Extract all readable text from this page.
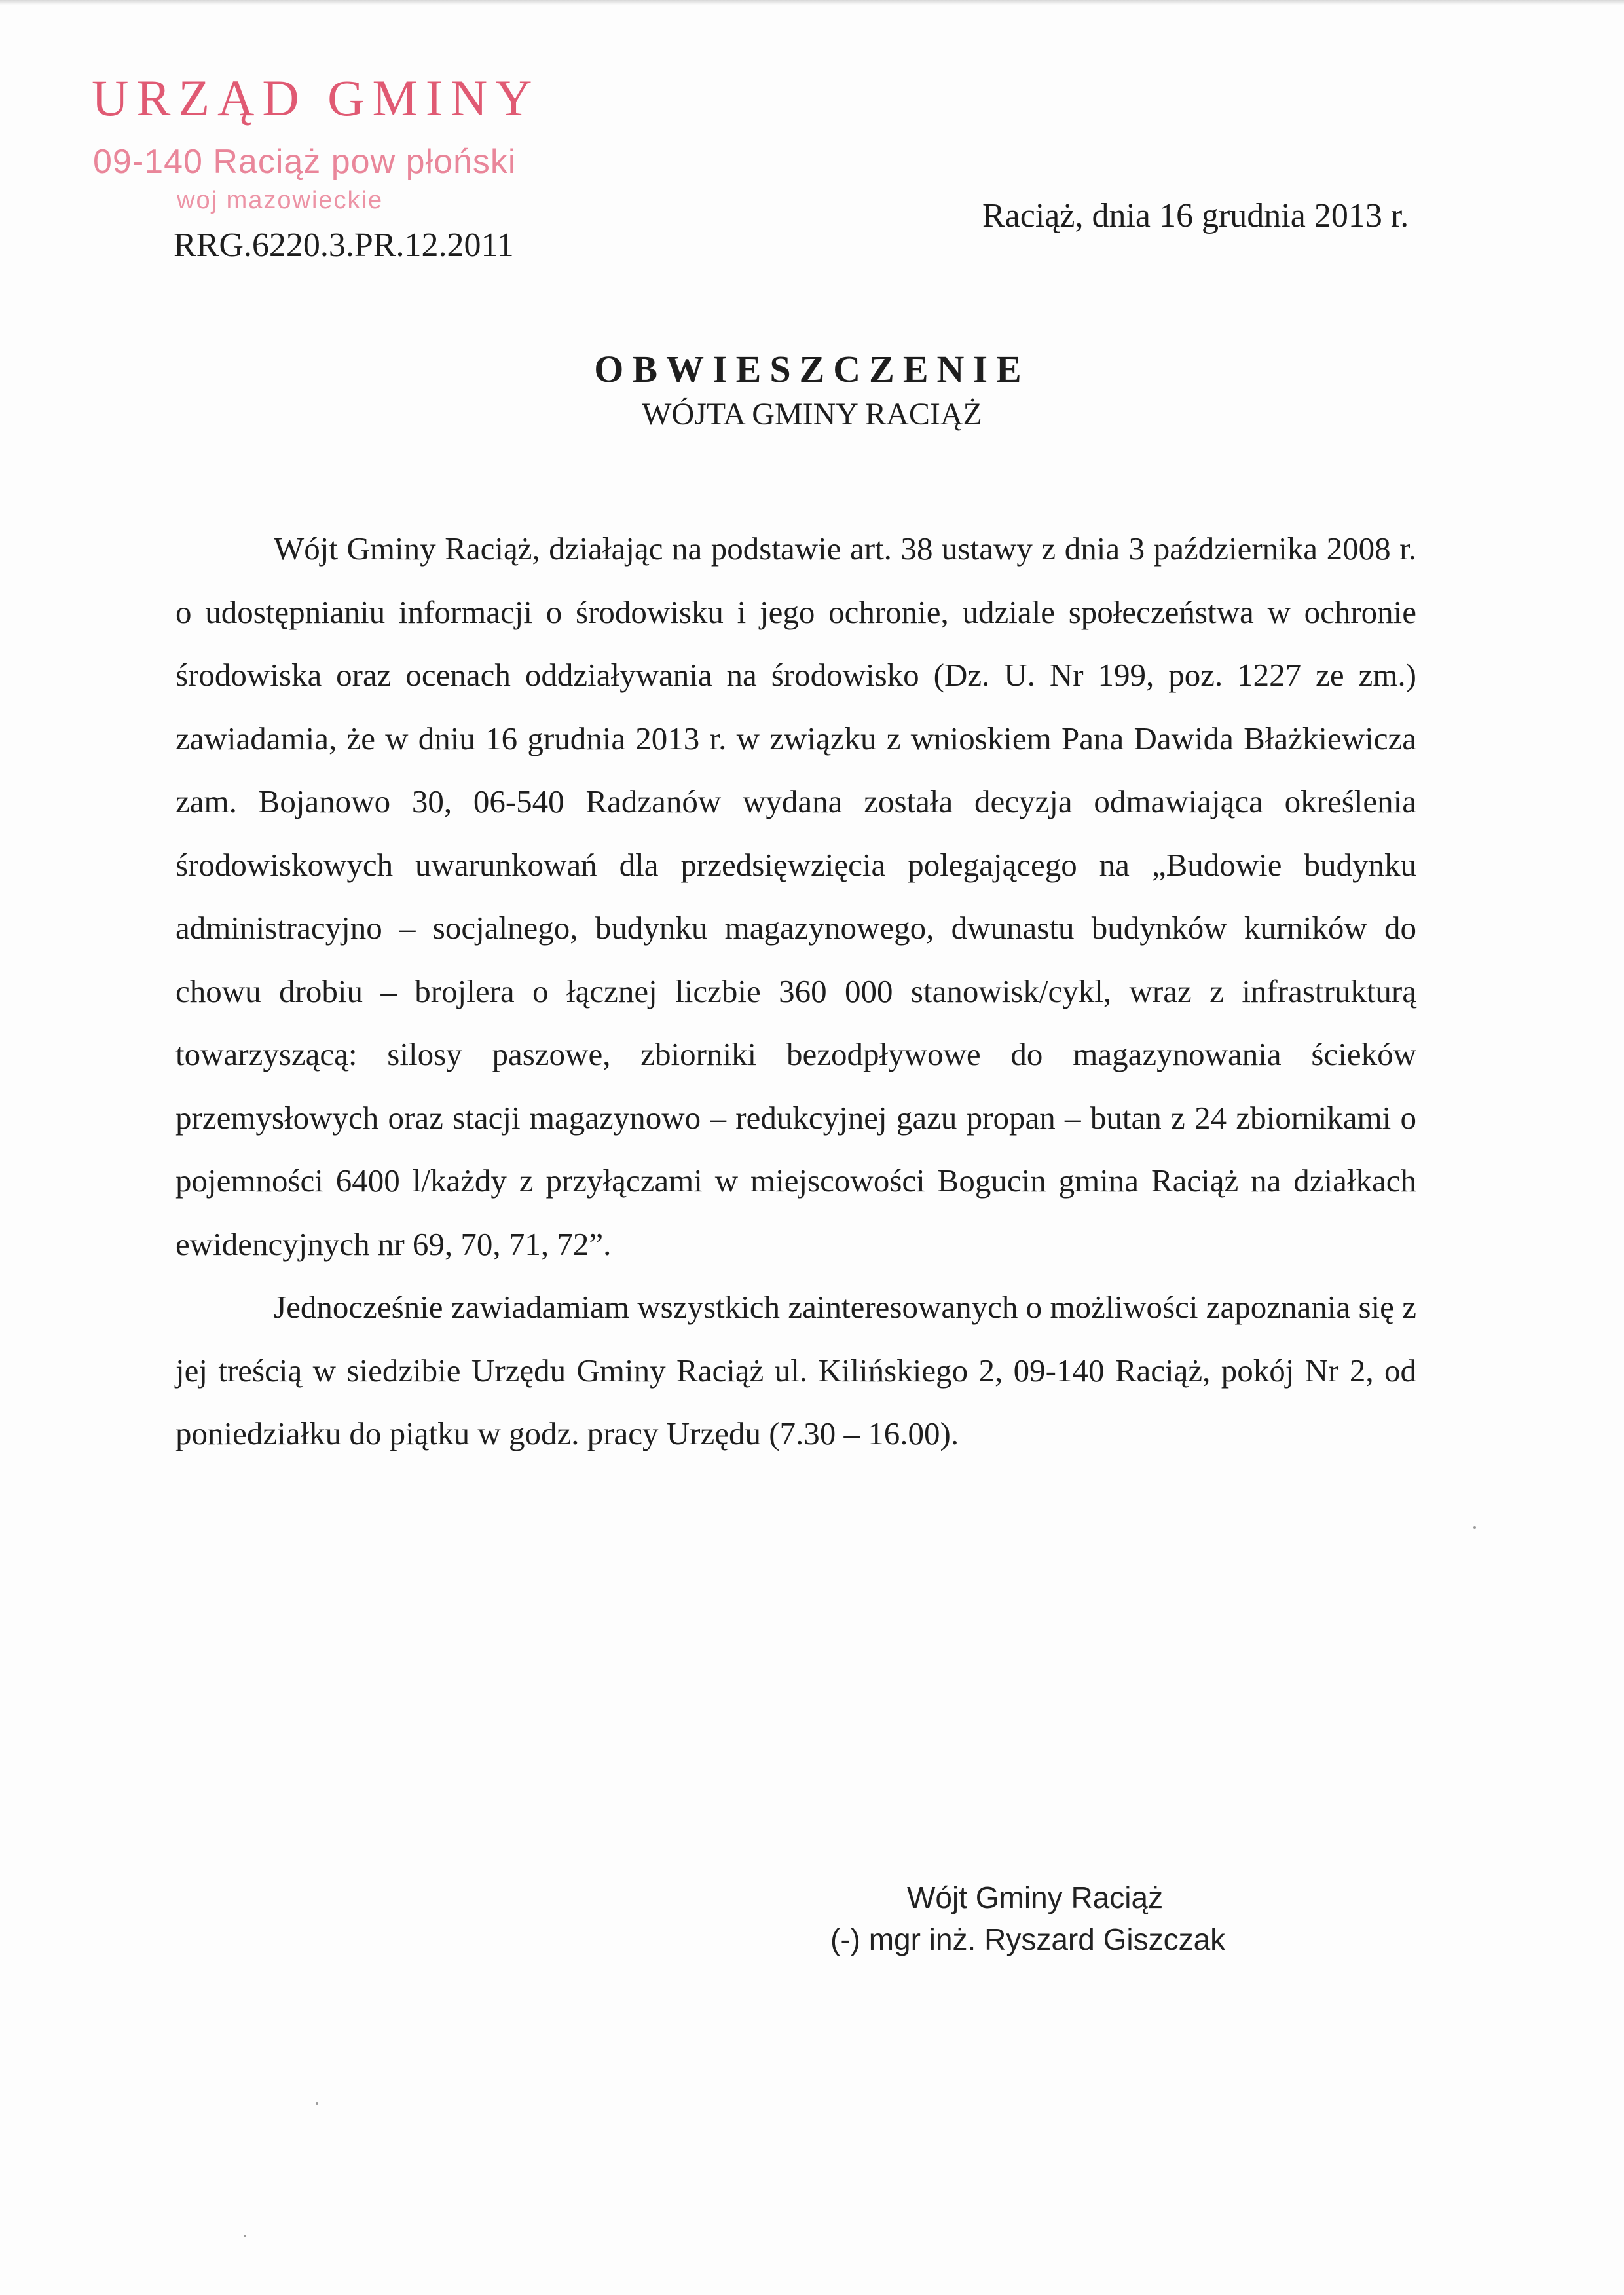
URZĄD GMINY
09-140 Raciąż pow płoński
woj mazowieckie
RRG.6220.3.PR.12.2011
Raciąż, dnia 16 grudnia 2013 r.
OBWIESZCZENIE
WÓJTA GMINY RACIĄŻ

Wójt Gminy Raciąż, działając na podstawie art. 38 ustawy z dnia 3 października 2008 r. o udostępnianiu informacji o środowisku i jego ochronie, udziale społeczeństwa w ochronie środowiska oraz ocenach oddziaływania na środowisko (Dz. U. Nr 199, poz. 1227 ze zm.) zawiadamia, że w dniu 16 grudnia 2013 r. w związku z wnioskiem Pana Dawida Błażkiewicza zam. Bojanowo 30, 06-540 Radzanów wydana została decyzja odmawiająca określenia środowiskowych uwarunkowań dla przedsięwzięcia polegającego na „Budowie budynku administracyjno – socjalnego, budynku magazynowego, dwunastu budynków kurników do chowu drobiu – brojlera o łącznej liczbie 360 000 stanowisk/cykl, wraz z infrastrukturą towarzyszącą: silosy paszowe, zbiorniki bezodpływowe do magazynowania ścieków przemysłowych oraz stacji magazynowo – redukcyjnej gazu propan – butan z 24 zbiornikami o pojemności 6400 l/każdy z przyłączami w miejscowości Bogucin gmina Raciąż na działkach ewidencyjnych nr 69, 70, 71, 72”.

Jednocześnie zawiadamiam wszystkich zainteresowanych o możliwości zapoznania się z jej treścią w siedzibie Urzędu Gminy Raciąż ul. Kilińskiego 2, 09-140 Raciąż, pokój Nr 2, od poniedziałku do piątku w godz. pracy Urzędu (7.30 – 16.00).

Wójt Gminy Raciąż
(-) mgr inż. Ryszard Giszczak
